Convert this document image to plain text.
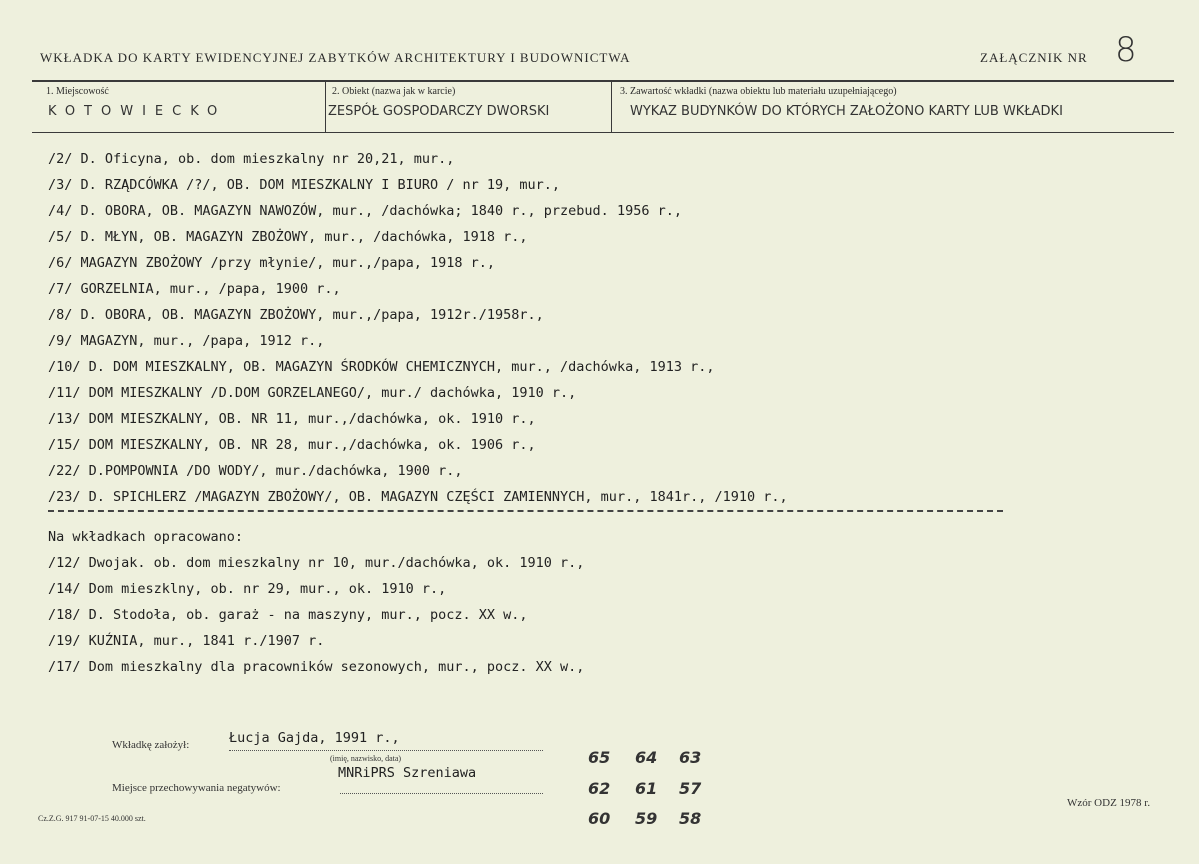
WKŁADKA DO KARTY EWIDENCYJNEJ ZABYTKÓW ARCHITEKTURY I BUDOWNICTWA	ZAŁĄCZNIK NR 8
1. Miejscowość
KOTOWIECKO
2. Obiekt (nazwa jak w karcie)
ZESPÓŁ GOSPODARCZY DWORSKI
3. Zawartość wkładki (nazwa obiektu lub materiału uzupełniającego)
WYKAZ BUDYNKÓW DO KTÓRYCH ZAŁOŻONO KARTY LUB WKŁADKI
/2/ D. Oficyna, ob. dom mieszkalny nr 20,21, mur.,
/3/ D. RZĄDCÓWKA /?/, OB. DOM MIESZKALNY I BIURO / nr 19, mur.,
/4/ D. OBORA, OB. MAGAZYN NAWOZÓW, mur., /dachówka; 1840 r., przebud. 1956 r.,
/5/ D. MŁYN, OB. MAGAZYN ZBOŻOWY, mur., /dachówka, 1918 r.,
/6/ MAGAZYN ZBOŻOWY /przy młynie/, mur.,/papa, 1918 r.,
/7/ GORZELNIA, mur., /papa, 1900 r.,
/8/ D. OBORA, OB. MAGAZYN ZBOŻOWY, mur.,/papa, 1912r./1958r.,
/9/ MAGAZYN, mur., /papa, 1912 r.,
/10/ D. DOM MIESZKALNY, OB. MAGAZYN ŚRODKÓW CHEMICZNYCH, mur., /dachówka, 1913 r.,
/11/ DOM MIESZKALNY /D.DOM GORZELANEGO/, mur./ dachówka, 1910 r.,
/13/ DOM MIESZKALNY, OB. NR 11, mur.,/dachówka, ok. 1910 r.,
/15/ DOM MIESZKALNY, OB. NR 28, mur.,/dachówka, ok. 1906 r.,
/22/ D.POMPOWNIA /DO WODY/, mur./dachówka, 1900 r.,
/23/ D. SPICHLERZ /MAGAZYN ZBOŻOWY/, OB. MAGAZYN CZĘŚCI ZAMIENNYCH, mur., 1841r., /1910 r.,
Na wkładkach opracowano:
/12/ Dwojak. ob. dom mieszkalny nr 10, mur./dachówka, ok. 1910 r.,
/14/ Dom mieszklny, ob. nr 29, mur., ok. 1910 r.,
/18/ D. Stodoła, ob. garaż - na maszyny, mur., pocz. XX w.,
/19/ KUŹNIA, mur., 1841 r./1907 r.
/17/ Dom mieszkalny dla pracowników sezonowych, mur., pocz. XX w.,
Wkładkę założył:	Łucja Gajda, 1991 r.,
(imię, nazwisko, data)
MNRiPRS Szreniawa
Miejsce przechowywania negatywów:
Cz.Z.G. 917 91-07-15 40.000 szt.
Wzór ODZ 1978 r.
65 64 63
62 61 57
60 59 58
